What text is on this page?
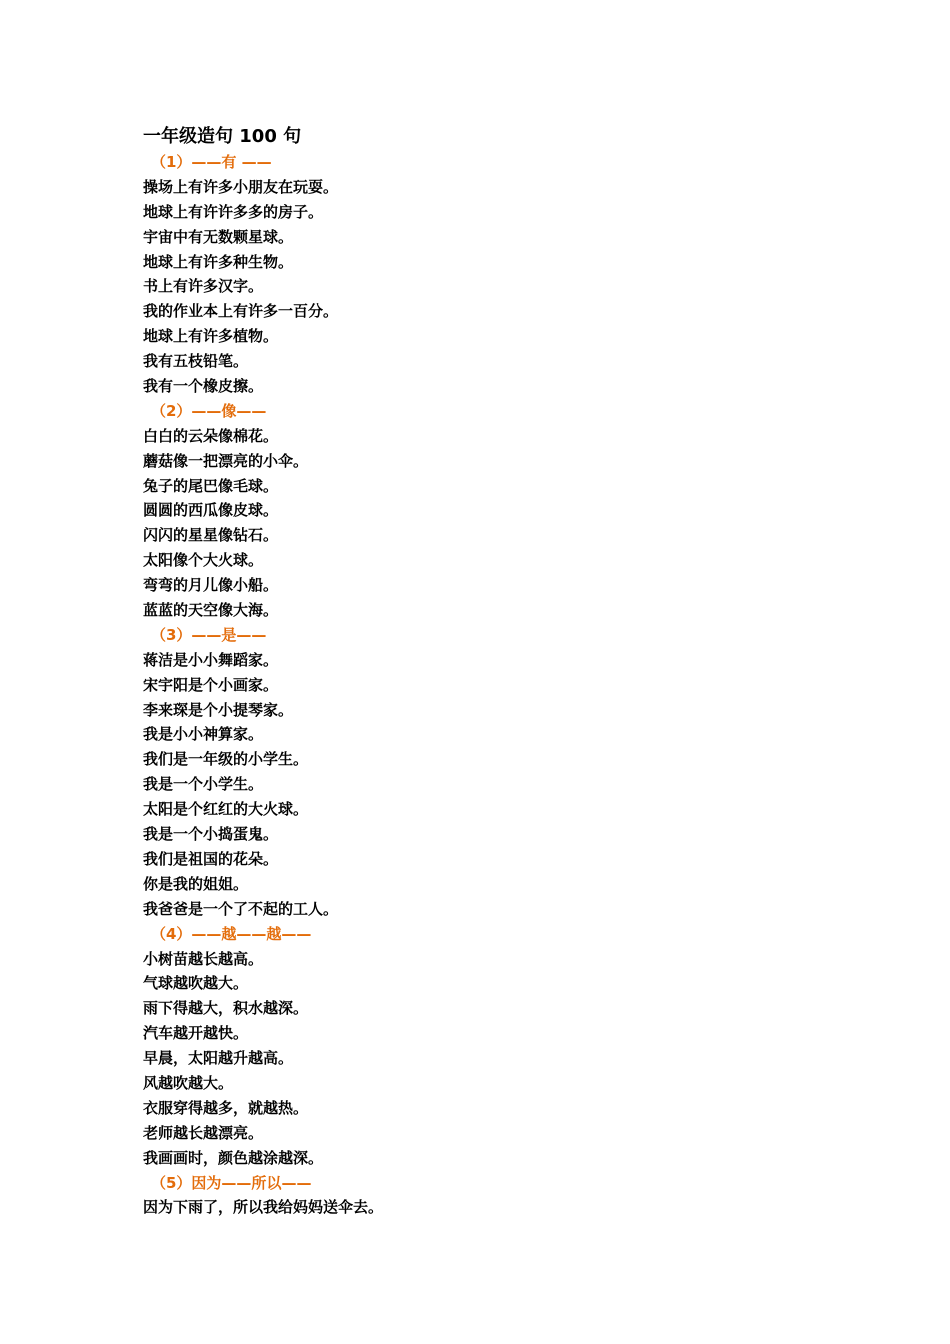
一年级造句 100 句
（1）——有 ——
操场上有许多小朋友在玩耍。
地球上有许许多多的房子。
宇宙中有无数颗星球。
地球上有许多种生物。
书上有许多汉字。
我的作业本上有许多一百分。
地球上有许多植物。
我有五枝铅笔。
我有一个橡皮擦。
（2）——像——
白白的云朵像棉花。
蘑菇像一把漂亮的小伞。
兔子的尾巴像毛球。
圆圆的西瓜像皮球。
闪闪的星星像钻石。
太阳像个大火球。
弯弯的月儿像小船。
蓝蓝的天空像大海。
（3）——是——
蒋洁是小小舞蹈家。
宋宇阳是个小画家。
李来琛是个小提琴家。
我是小小神算家。
我们是一年级的小学生。
我是一个小学生。
太阳是个红红的大火球。
我是一个小捣蛋鬼。
我们是祖国的花朵。
你是我的姐姐。
我爸爸是一个了不起的工人。
（4）——越——越——
小树苗越长越高。
气球越吹越大。
雨下得越大，积水越深。
汽车越开越快。
早晨，太阳越升越高。
风越吹越大。
衣服穿得越多，就越热。
老师越长越漂亮。
我画画时，颜色越涂越深。
（5）因为——所以——
因为下雨了，所以我给妈妈送伞去。
